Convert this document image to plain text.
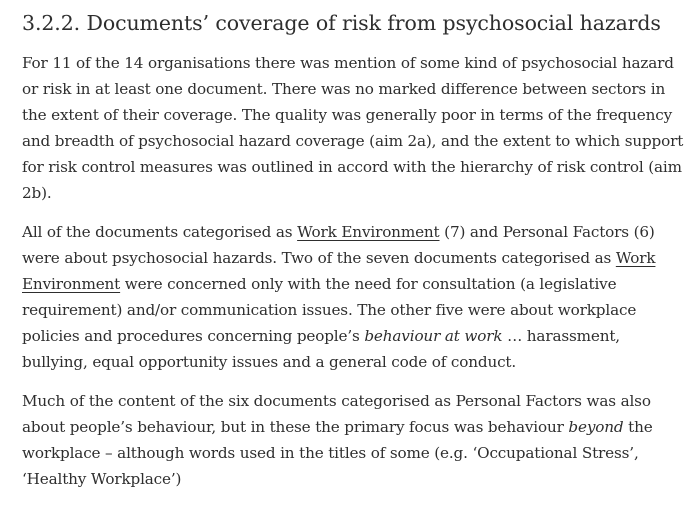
3.2.2. Documents’ coverage of risk from psychosocial hazards

For 11 of the 14 organisations there was mention of some kind of psychosocial hazard or risk in at least one document. There was no marked difference between sectors in the extent of their coverage. The quality was generally poor in terms of the frequency and breadth of psychosocial hazard coverage (aim 2a), and the extent to which support for risk control measures was outlined in accord with the hierarchy of risk control (aim 2b).

All of the documents categorised as Work Environment (7) and Personal Factors (6) were about psychosocial hazards. Two of the seven documents categorised as Work Environment were concerned only with the need for consultation (a legislative requirement) and/or communication issues. The other five were about workplace policies and procedures concerning people’s behaviour at work … harassment, bullying, equal opportunity issues and a general code of conduct.

Much of the content of the six documents categorised as Personal Factors was also about people’s behaviour, but in these the primary focus was behaviour beyond the workplace – although words used in the titles of some (e.g. ‘Occupational Stress’, ‘Healthy Workplace’)
